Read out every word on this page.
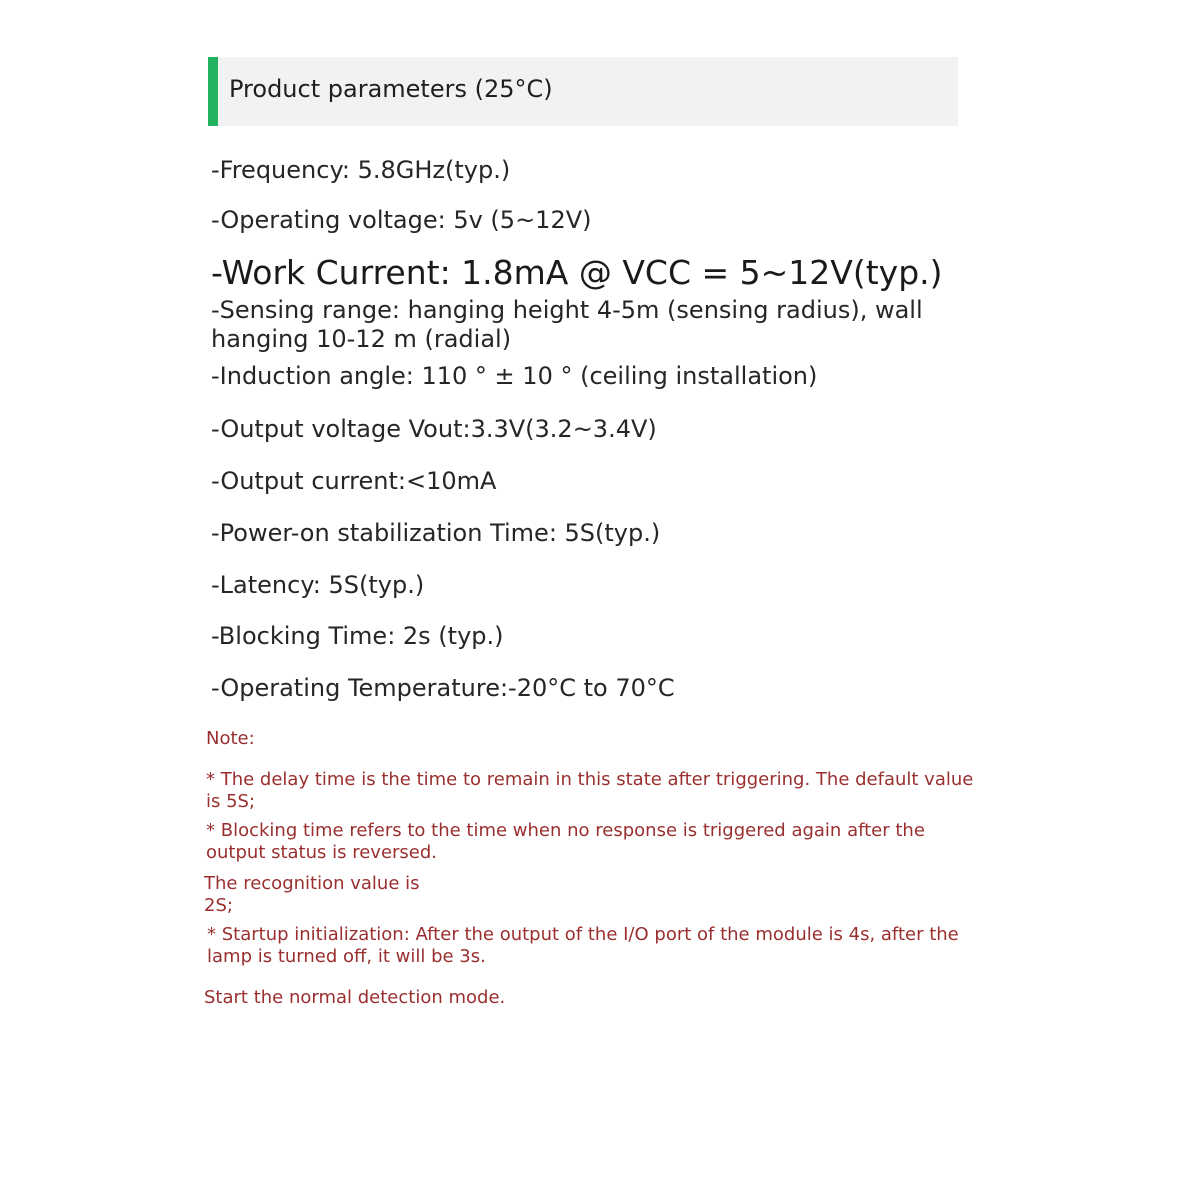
Product parameters (25°C)
-Frequency: 5.8GHz(typ.)
-Operating voltage: 5v (5~12V)
-Work Current: 1.8mA @ VCC = 5~12V(typ.)
-Sensing range: hanging height 4-5m (sensing radius), wall hanging 10-12 m (radial)
-Induction angle: 110 ° ± 10 ° (ceiling installation)
-Output voltage Vout:3.3V(3.2~3.4V)
-Output current:<10mA
-Power-on stabilization Time: 5S(typ.)
-Latency: 5S(typ.)
-Blocking Time: 2s (typ.)
-Operating Temperature:-20°C to 70°C
Note:
* The delay time is the time to remain in this state after triggering. The default value is 5S;
* Blocking time refers to the time when no response is triggered again after the output status is reversed.
The recognition value is
2S;
* Startup initialization: After the output of the I/O port of the module is 4s, after the lamp is turned off, it will be 3s.
Start the normal detection mode.
